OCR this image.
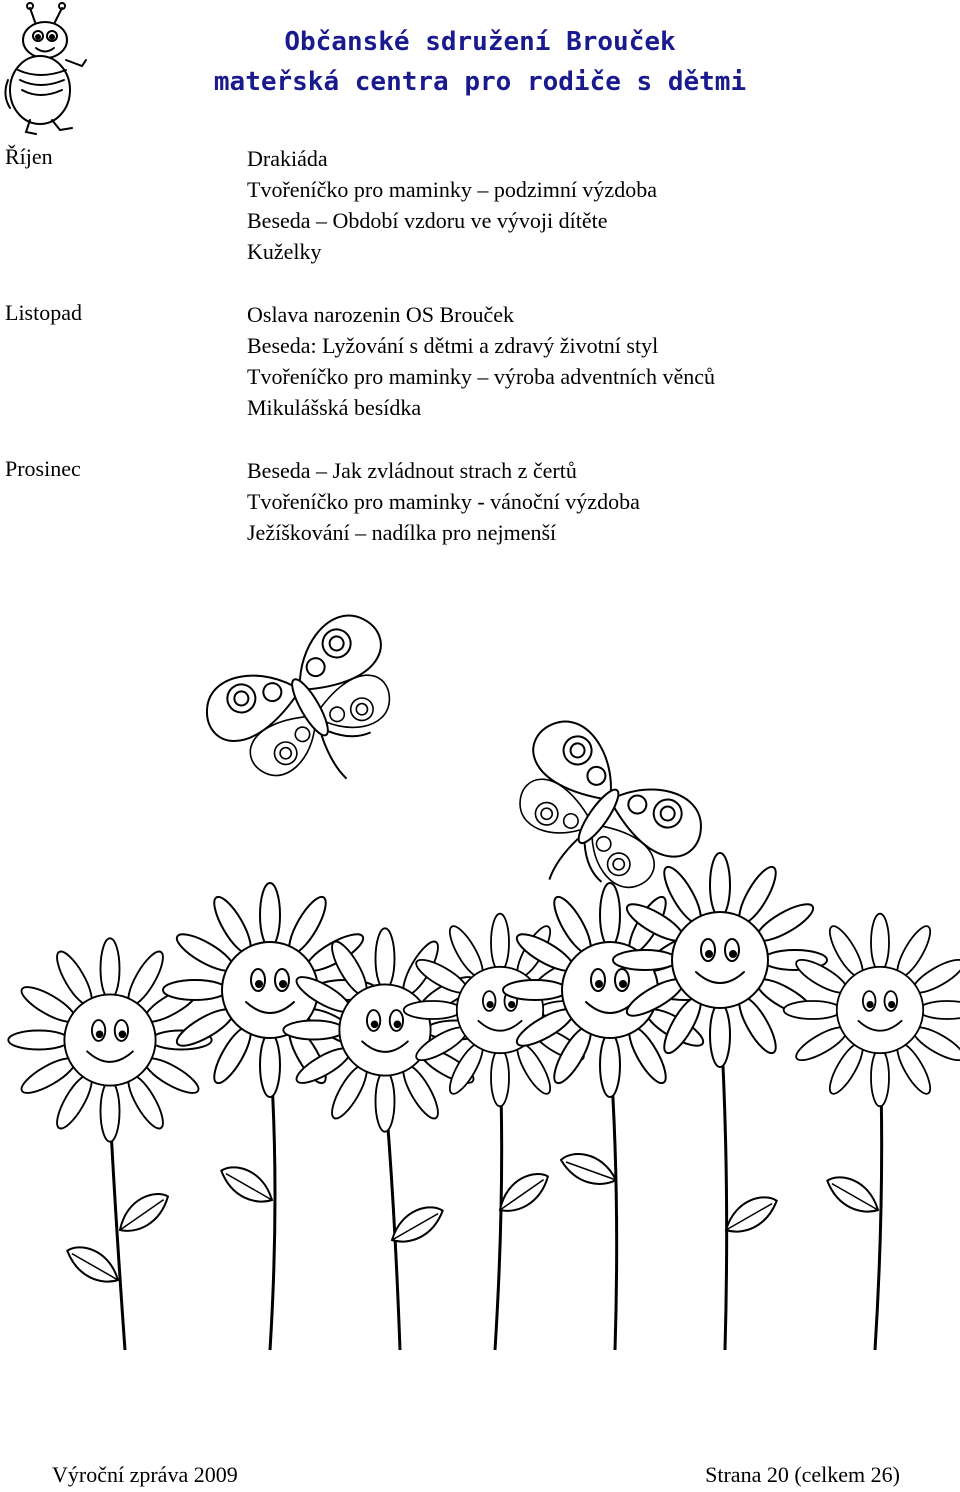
Občanské sdružení Brouček
mateřská centra pro rodiče s dětmi
Říjen	Drakiáda
Tvořeníčko pro maminky – podzimní výzdoba
Beseda – Období vzdoru ve vývoji dítěte
Kuželky
Listopad	Oslava narozenin OS Brouček
Beseda: Lyžování s dětmi a zdravý životní styl
Tvořeníčko pro maminky – výroba adventních věnců
Mikulášská besídka
Prosinec	Beseda – Jak zvládnout strach z čertů
Tvořeníčko pro maminky - vánoční výzdoba
Ježíškování – nadílka pro nejmenší
Výroční zpráva 2009	Strana 20 (celkem 26)
